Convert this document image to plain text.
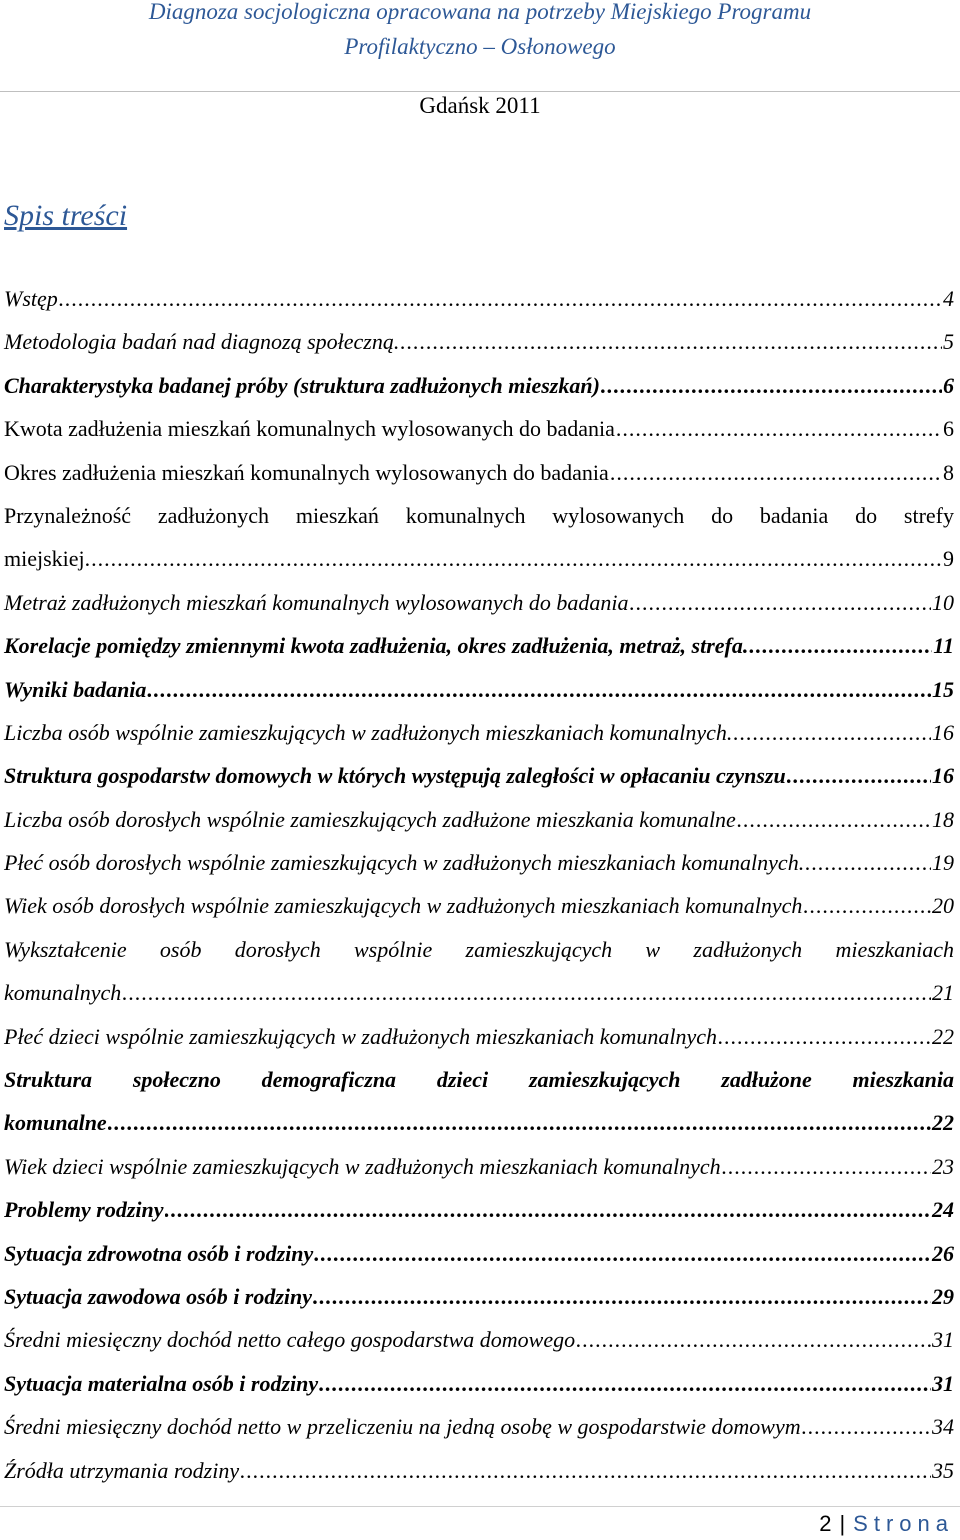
Diagnoza socjologiczna opracowana na potrzeby Miejskiego Programu
Profilaktyczno – Osłonowego
Gdańsk 2011
Spis treści
Wstęp .....	4
Metodologia badań nad diagnozą społeczną. .....	5
Charakterystyka badanej próby (struktura zadłużonych mieszkań) .....	6
Kwota zadłużenia mieszkań komunalnych wylosowanych do badania .....	6
Okres zadłużenia mieszkań komunalnych wylosowanych do badania .....	8
Przynależność zadłużonych mieszkań komunalnych wylosowanych do badania do strefy
miejskiej. .....	9
Metraż zadłużonych mieszkań komunalnych wylosowanych do badania .....	10
Korelacje pomiędzy zmiennymi kwota zadłużenia, okres zadłużenia, metraż, strefa. .....	11
Wyniki badania .....	15
Liczba osób wspólnie zamieszkujących w zadłużonych mieszkaniach komunalnych. .....	16
Struktura gospodarstw domowych w których występują zaległości w opłacaniu czynszu .....	16
Liczba osób dorosłych wspólnie zamieszkujących zadłużone mieszkania komunalne .....	18
Płeć osób dorosłych wspólnie zamieszkujących w zadłużonych mieszkaniach komunalnych. .....	19
Wiek osób dorosłych wspólnie zamieszkujących w zadłużonych mieszkaniach komunalnych .....	20
Wykształcenie osób dorosłych wspólnie zamieszkujących w zadłużonych mieszkaniach
komunalnych .....	21
Płeć dzieci wspólnie zamieszkujących w zadłużonych mieszkaniach komunalnych .....	22
Struktura społeczno demograficzna dzieci zamieszkujących zadłużone mieszkania
komunalne .....	22
Wiek dzieci wspólnie zamieszkujących w zadłużonych mieszkaniach komunalnych .....	23
Problemy rodziny .....	24
Sytuacja zdrowotna osób i rodziny .....	26
Sytuacja zawodowa osób i rodziny .....	29
Średni miesięczny dochód netto całego gospodarstwa domowego .....	31
Sytuacja materialna osób i rodziny .....	31
Średni miesięczny dochód netto w przeliczeniu na jedną osobę w gospodarstwie domowym .....	34
Źródła utrzymania rodziny .....	35
2 | Strona
